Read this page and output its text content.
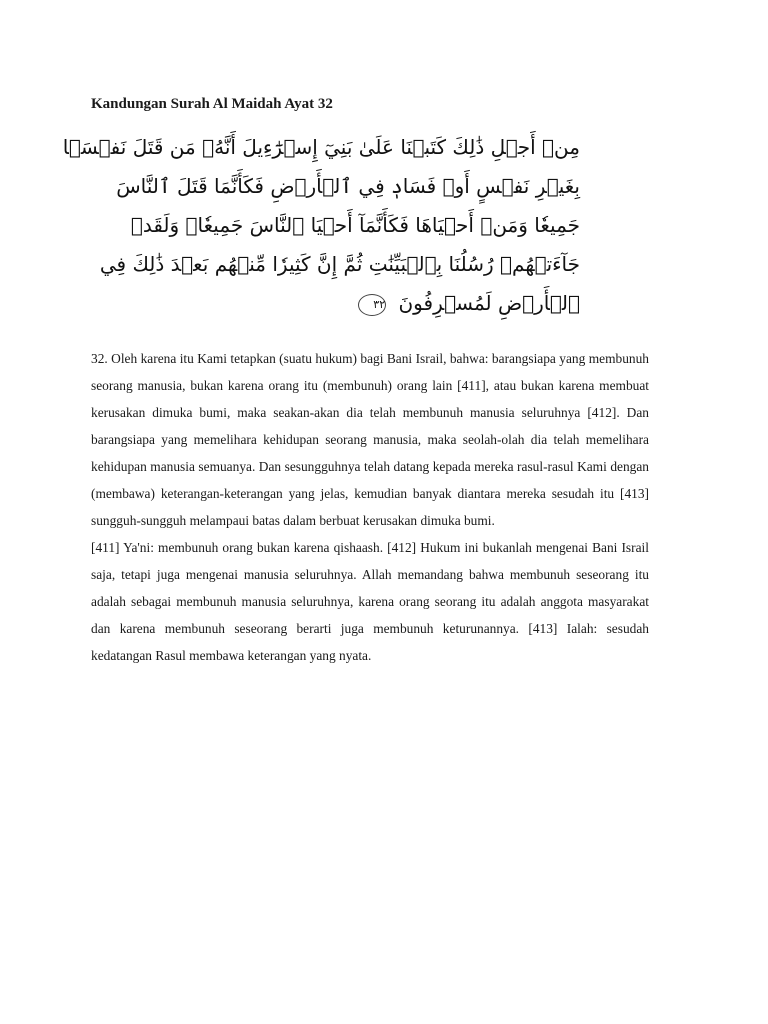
Kandungan Surah Al Maidah Ayat 32
مِنۡ أَجۡلِ ذَٰلِكَ كَتَبۡنَا عَلَىٰ بَنِيٓ إِسۡرَٰٓءِيلَ أَنَّهُۥ مَن قَتَلَ نَفۡسَۢا
بِغَيۡرِ نَفۡسٍ أَوۡ فَسَادٖ فِي ٱلۡأَرۡضِ فَكَأَنَّمَا قَتَلَ ٱلنَّاسَ
جَمِيعٗا وَمَنۡ أَحۡيَاهَا فَكَأَنَّمَآ أَحۡيَا ٱلنَّاسَ جَمِيعٗاۚ وَلَقَدۡ
جَآءَتۡهُمۡ رُسُلُنَا بِٱلۡبَيِّنَٰتِ ثُمَّ إِنَّ كَثِيرٗا مِّنۡهُم بَعۡدَ ذَٰلِكَ فِي
ٱلۡأَرۡضِ لَمُسۡرِفُونَ ٣٢

32. Oleh karena itu Kami tetapkan (suatu hukum) bagi Bani Israil, bahwa: barangsiapa yang membunuh seorang manusia, bukan karena orang itu (membunuh) orang lain [411], atau bukan karena membuat kerusakan dimuka bumi, maka seakan-akan dia telah membunuh manusia seluruhnya [412]. Dan barangsiapa yang memelihara kehidupan seorang manusia, maka seolah-olah dia telah memelihara kehidupan manusia semuanya. Dan sesungguhnya telah datang kepada mereka rasul-rasul Kami dengan (membawa) keterangan-keterangan yang jelas, kemudian banyak diantara mereka sesudah itu [413] sungguh-sungguh melampaui batas dalam berbuat kerusakan dimuka bumi.

[411] Ya'ni: membunuh orang bukan karena qishaash. [412] Hukum ini bukanlah mengenai Bani Israil saja, tetapi juga mengenai manusia seluruhnya. Allah memandang bahwa membunuh seseorang itu adalah sebagai membunuh manusia seluruhnya, karena orang seorang itu adalah anggota masyarakat dan karena membunuh seseorang berarti juga membunuh keturunannya. [413] Ialah: sesudah kedatangan Rasul membawa keterangan yang nyata.
